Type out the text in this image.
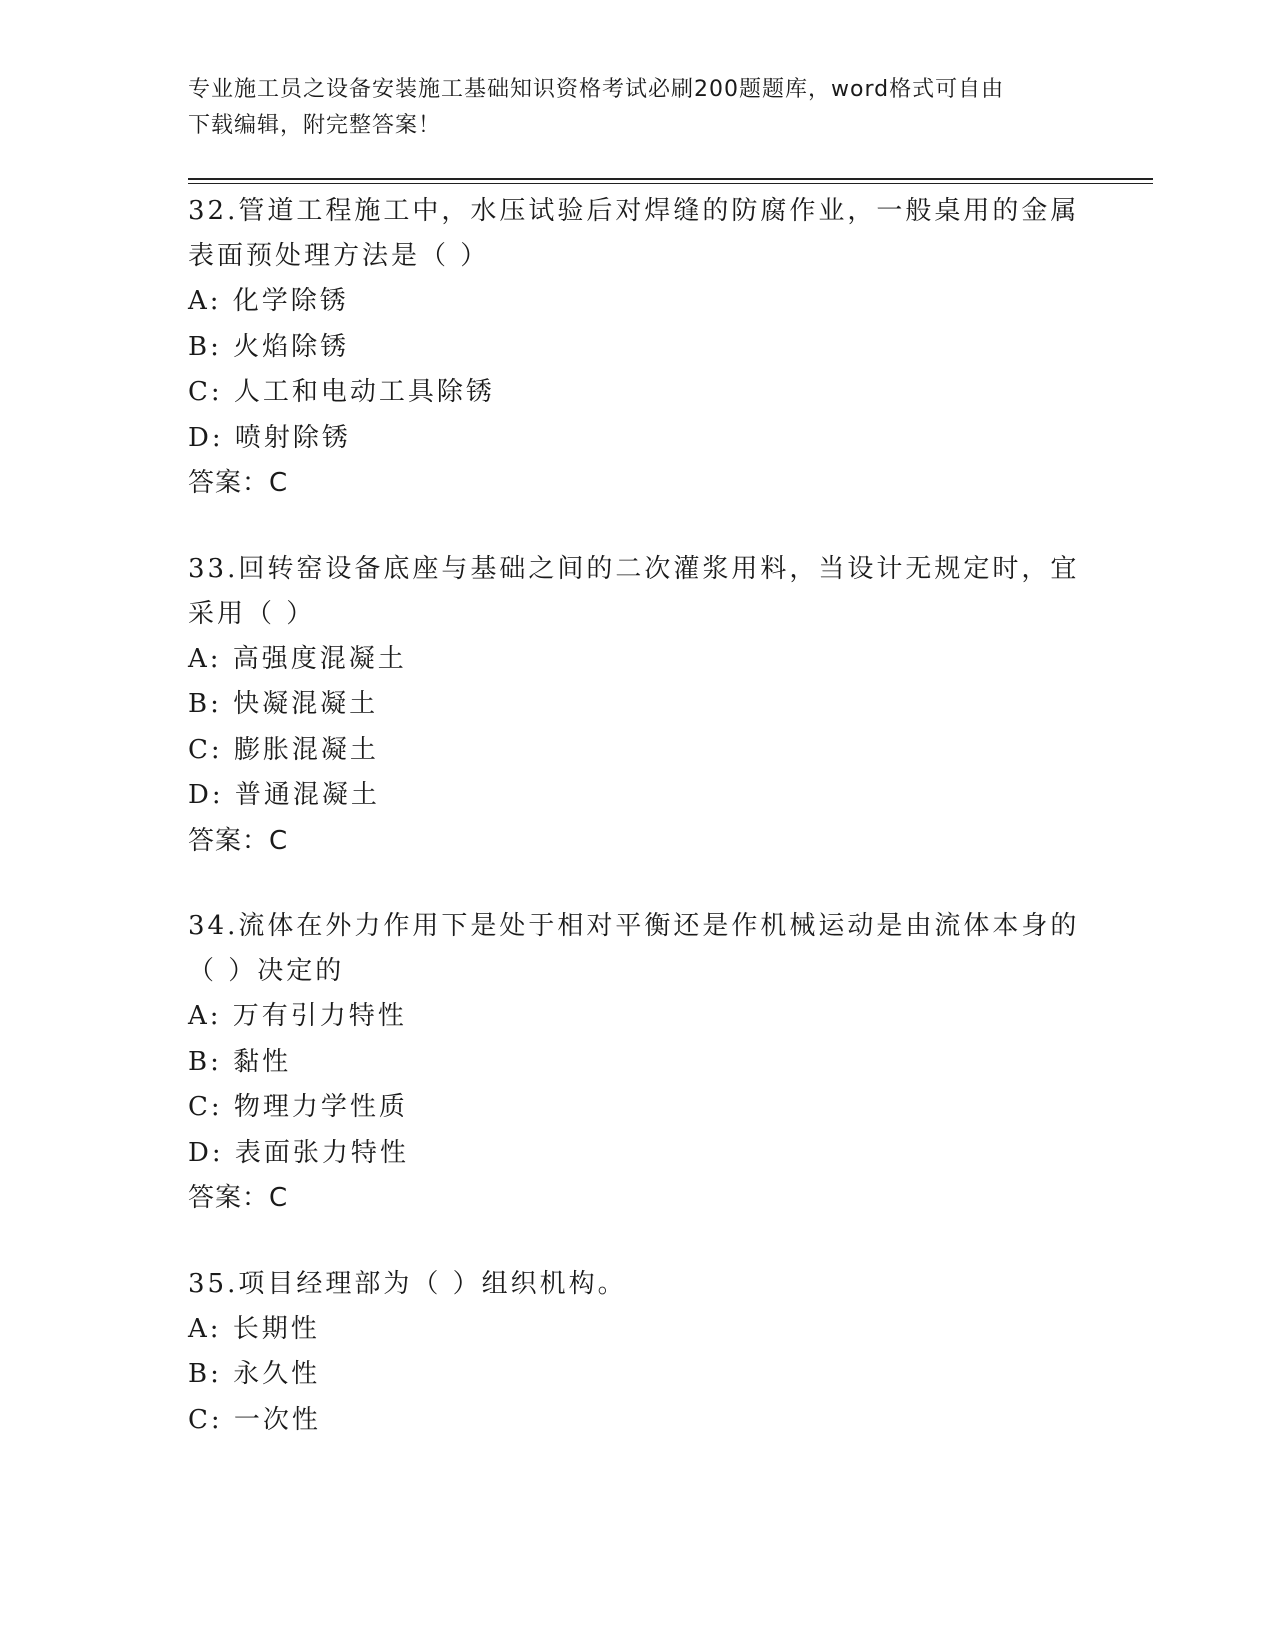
专业施工员之设备安装施工基础知识资格考试必刷200题题库，word格式可自由
下载编辑，附完整答案！
32.管道工程施工中，水压试验后对焊缝的防腐作业，一般桌用的金属
表面预处理方法是（ ）
A: 化学除锈
B: 火焰除锈
C: 人工和电动工具除锈
D: 喷射除锈
答案：C
33.回转窑设备底座与基础之间的二次灌浆用料，当设计无规定时，宜
采用（ ）
A: 高强度混凝土
B: 快凝混凝土
C: 膨胀混凝土
D: 普通混凝土
答案：C
34.流体在外力作用下是处于相对平衡还是作机械运动是由流体本身的
（ ）决定的
A: 万有引力特性
B: 黏性
C: 物理力学性质
D: 表面张力特性
答案：C
35.项目经理部为（ ）组织机构。
A: 长期性
B: 永久性
C: 一次性
